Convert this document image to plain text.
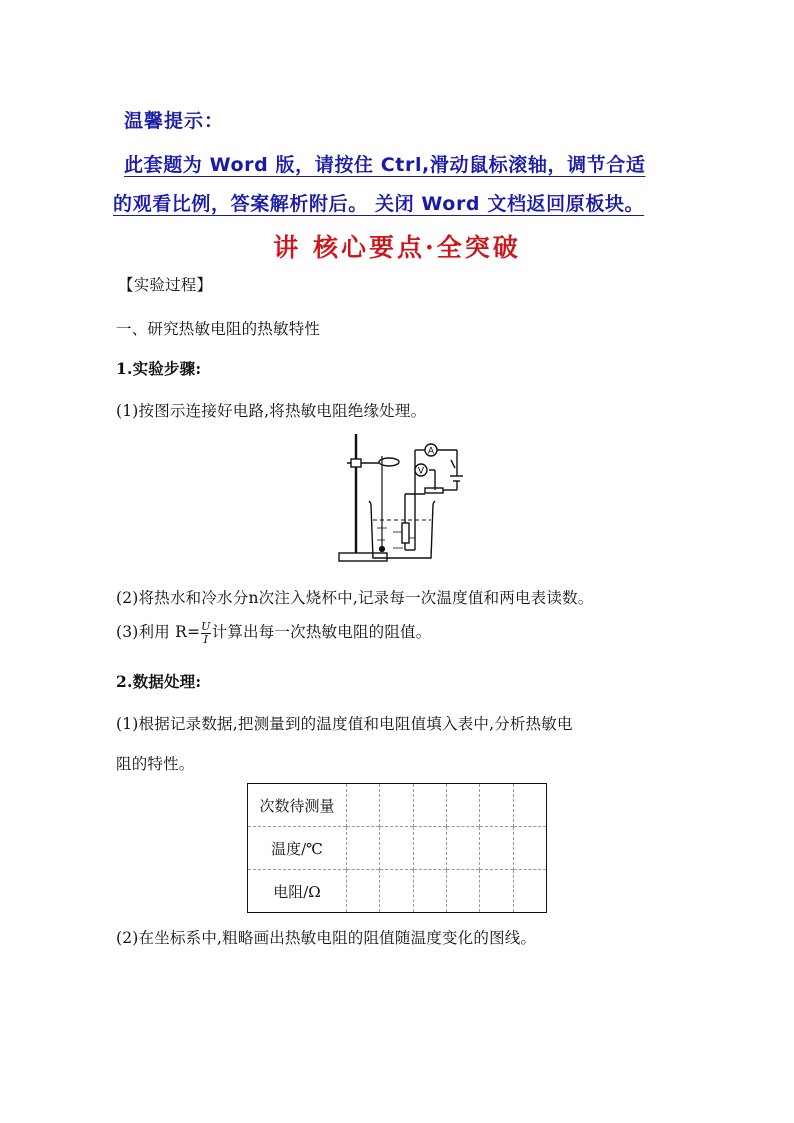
温馨提示：
此套题为 Word 版，请按住 Ctrl,滑动鼠标滚轴，调节合适
的观看比例，答案解析附后。 关闭 Word 文档返回原板块。
讲 核心要点·全突破
【实验过程】
一、研究热敏电阻的热敏特性
1.实验步骤:
(1)按图示连接好电路,将热敏电阻绝缘处理。
A
V
(2)将热水和冷水分n次注入烧杯中,记录每一次温度值和两电表读数。
(3)利用 $R= \frac{U}{I}$ 计算出每一次热敏电阻的阻值。
2.数据处理:
(1)根据记录数据,把测量到的温度值和电阻值填入表中,分析热敏电
阻的特性。
次数待测量						
温度/℃						
电阻/Ω						
(2)在坐标系中,粗略画出热敏电阻的阻值随温度变化的图线。
